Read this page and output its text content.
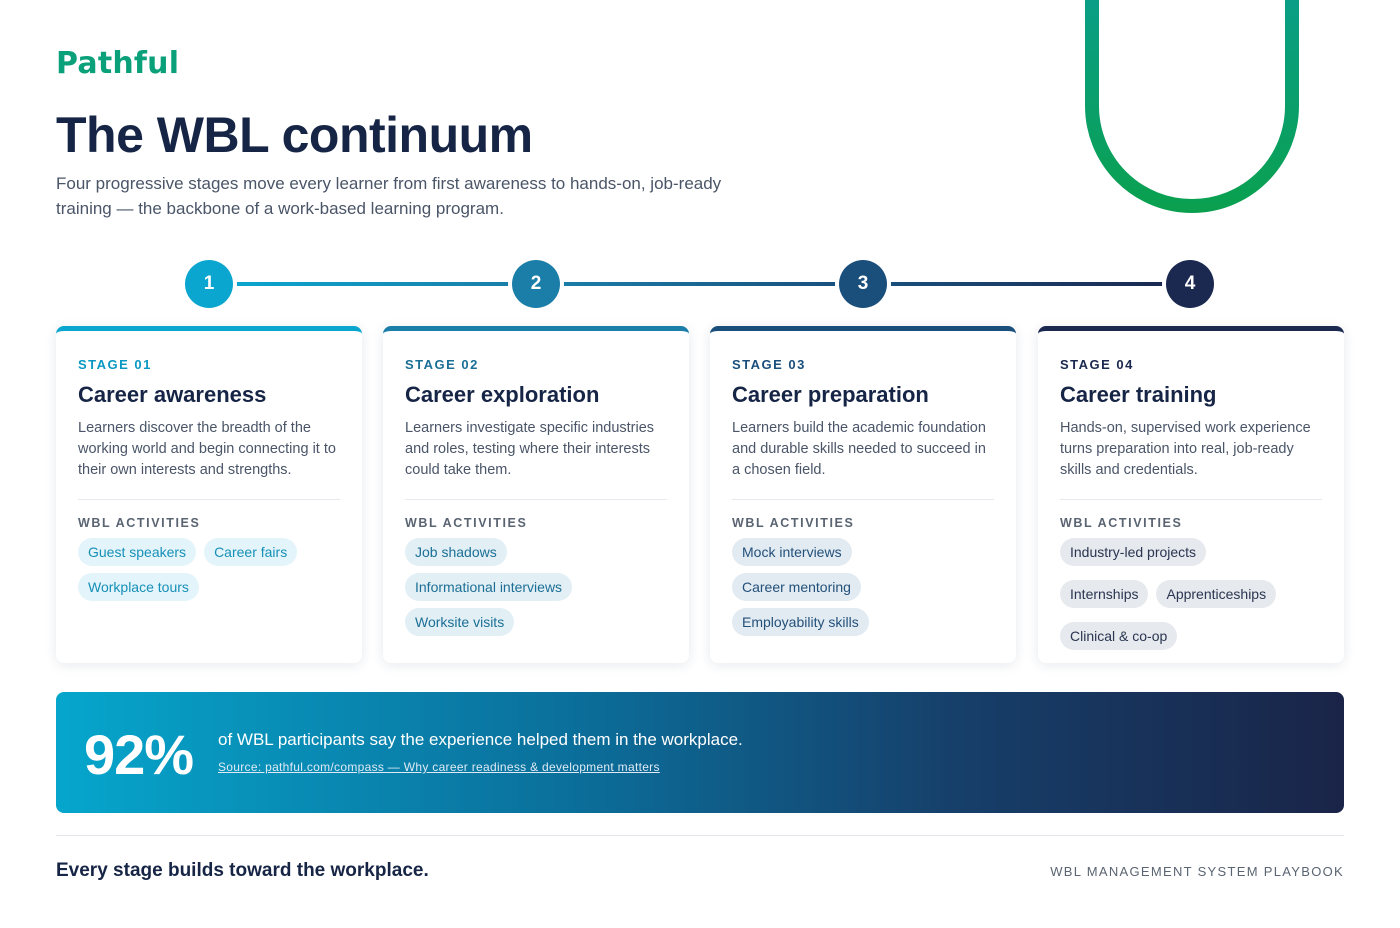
Pathful
The WBL continuum

Four progressive stages move every learner from first awareness to hands-on, job-ready training — the backbone of a work-based learning program.

1	2	3	4
STAGE 01
Career awareness

Learners discover the breadth of the working world and begin connecting it to their own interests and strengths.

WBL ACTIVITIES
Guest speakers	Career fairs
Workplace tours
STAGE 02
Career exploration

Learners investigate specific industries and roles, testing where their interests could take them.

WBL ACTIVITIES
Job shadows
Informational interviews
Worksite visits
STAGE 03
Career preparation

Learners build the academic foundation and durable skills needed to succeed in a chosen field.

WBL ACTIVITIES
Mock interviews
Career mentoring
Employability skills
STAGE 04
Career training

Hands-on, supervised work experience turns preparation into real, job-ready skills and credentials.

WBL ACTIVITIES
Industry-led projects
Internships	Apprenticeships
Clinical & co-op
92% of WBL participants say the experience helped them in the workplace.
Source: pathful.com/compass — Why career readiness & development matters
Every stage builds toward the workplace.	WBL MANAGEMENT SYSTEM PLAYBOOK
